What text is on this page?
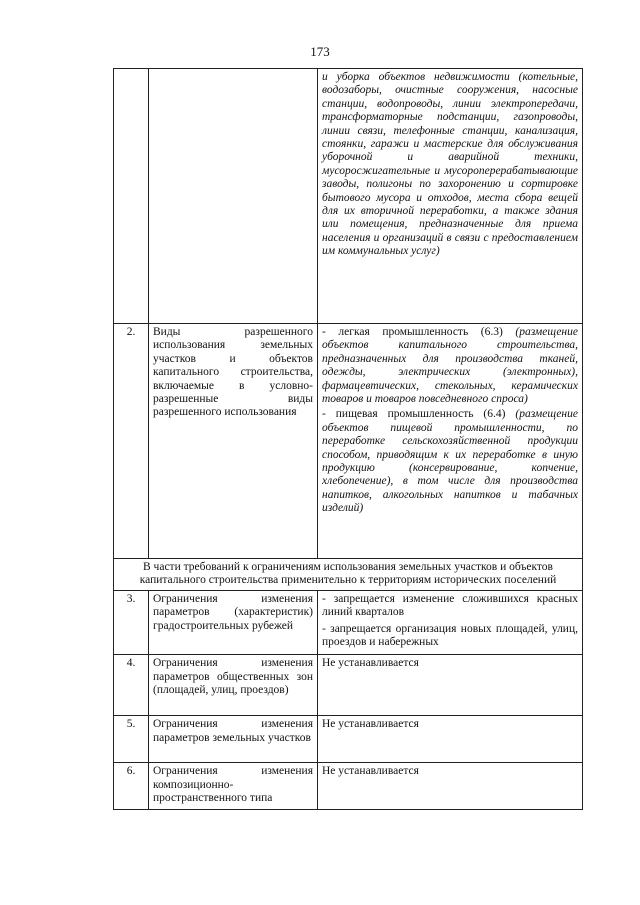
173
		и уборка объектов недвижимости (котельные, водозаборы, очистные сооружения, насосные станции, водопроводы, линии электропередачи, трансформаторные подстанции, газопроводы, линии связи, телефонные станции, канализация, стоянки, гаражи и мастерские для обслуживания уборочной и аварийной техники, мусоросжигательные и мусороперерабатывающие заводы, полигоны по захоронению и сортировке бытового мусора и отходов, места сбора вещей для их вторичной переработки, а также здания или помещения, предназначенные для приема населения и организаций в связи с предоставлением им коммунальных услуг)
2.	Виды разрешенного использования земельных участков и объектов капитального строительства, включаемые в условно-разрешенные виды разрешенного использования	- легкая промышленность (6.3) (размещение объектов капитального строительства, предназначенных для производства тканей, одежды, электрических (электронных), фармацевтических, стекольных, керамических товаров и товаров повседневного спроса)
- пищевая промышленность (6.4) (размещение объектов пищевой промышленности, по переработке сельскохозяйственной продукции способом, приводящим к их переработке в иную продукцию (консервирование, копчение, хлебопечение), в том числе для производства напитков, алкогольных напитков и табачных изделий)
В части требований к ограничениям использования земельных участков и объектов капитального строительства применительно к территориям исторических поселений		
3.	Ограничения изменения параметров (характеристик) градостроительных рубежей	- запрещается изменение сложившихся красных линий кварталов
- запрещается организация новых площадей, улиц, проездов и набережных

4.	Ограничения изменения параметров общественных зон (площадей, улиц, проездов)	Не устанавливается
5.	Ограничения изменения параметров земельных участков	Не устанавливается
6.	Ограничения изменения композиционно-пространственного типа	Не устанавливается
